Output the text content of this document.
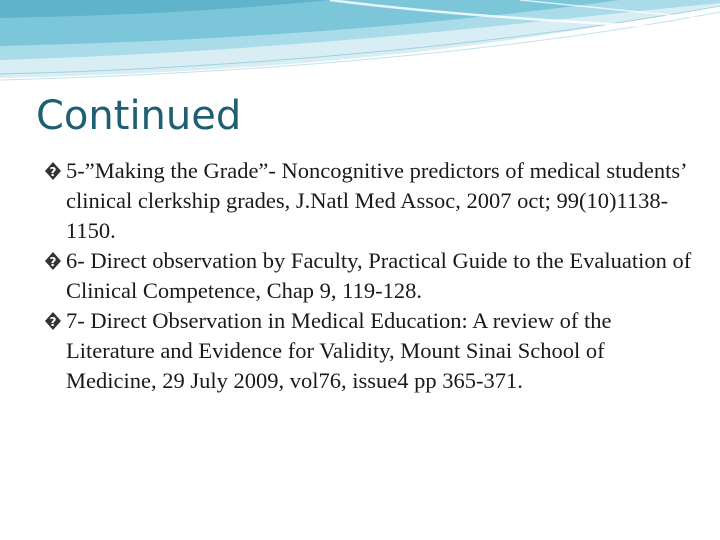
Continued
? 5-”Making the Grade”- Noncognitive predictors of medical students’ clinical clerkship grades, J.Natl Med Assoc, 2007 oct; 99(10)1138-1150.
? 6- Direct observation by Faculty, Practical Guide to the Evaluation of Clinical Competence, Chap 9, 119-128.
? 7- Direct Observation in Medical Education: A review of the Literature and Evidence for Validity, Mount Sinai School of Medicine, 29 July 2009, vol76, issue4 pp 365-371.
